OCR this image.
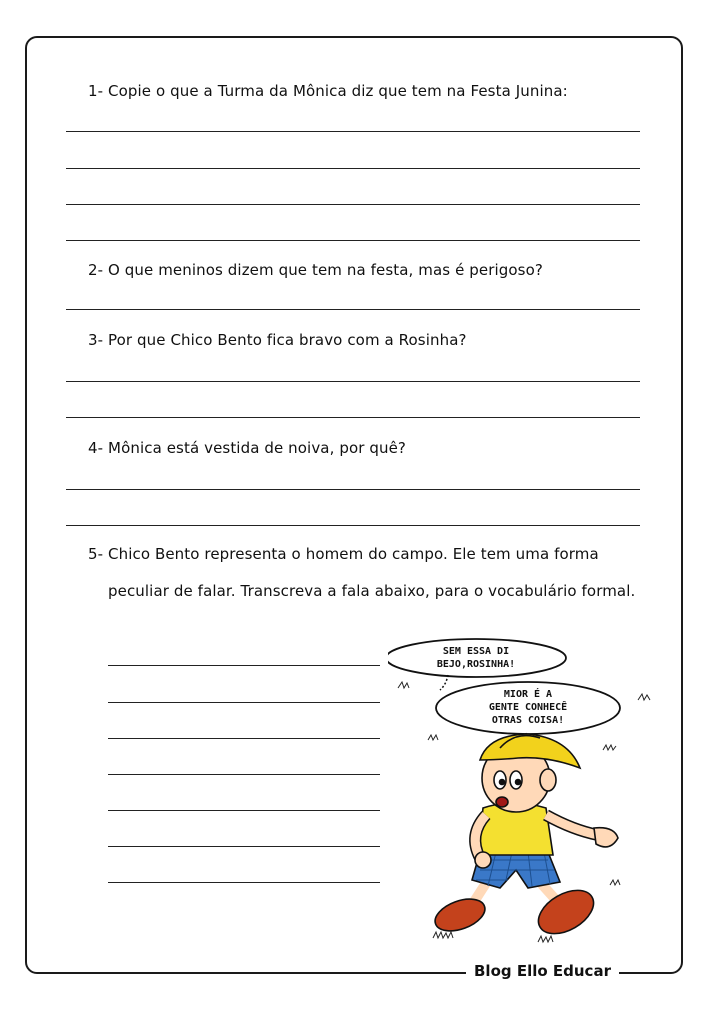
1- Copie o que a Turma da Mônica diz que tem na Festa Junina:
2- O que meninos dizem que tem na festa, mas é perigoso?
3- Por que Chico Bento fica bravo com a Rosinha?
4- Mônica está vestida de noiva, por quê?
5- Chico Bento representa o homem do campo. Ele tem uma forma
peculiar de falar. Transcreva a fala abaixo, para o vocabulário formal.
SEM ESSA DI
BEJO,ROSINHA!
MIOR É A
GENTE CONHECÊ
OTRAS COISA!
Blog Ello Educar
